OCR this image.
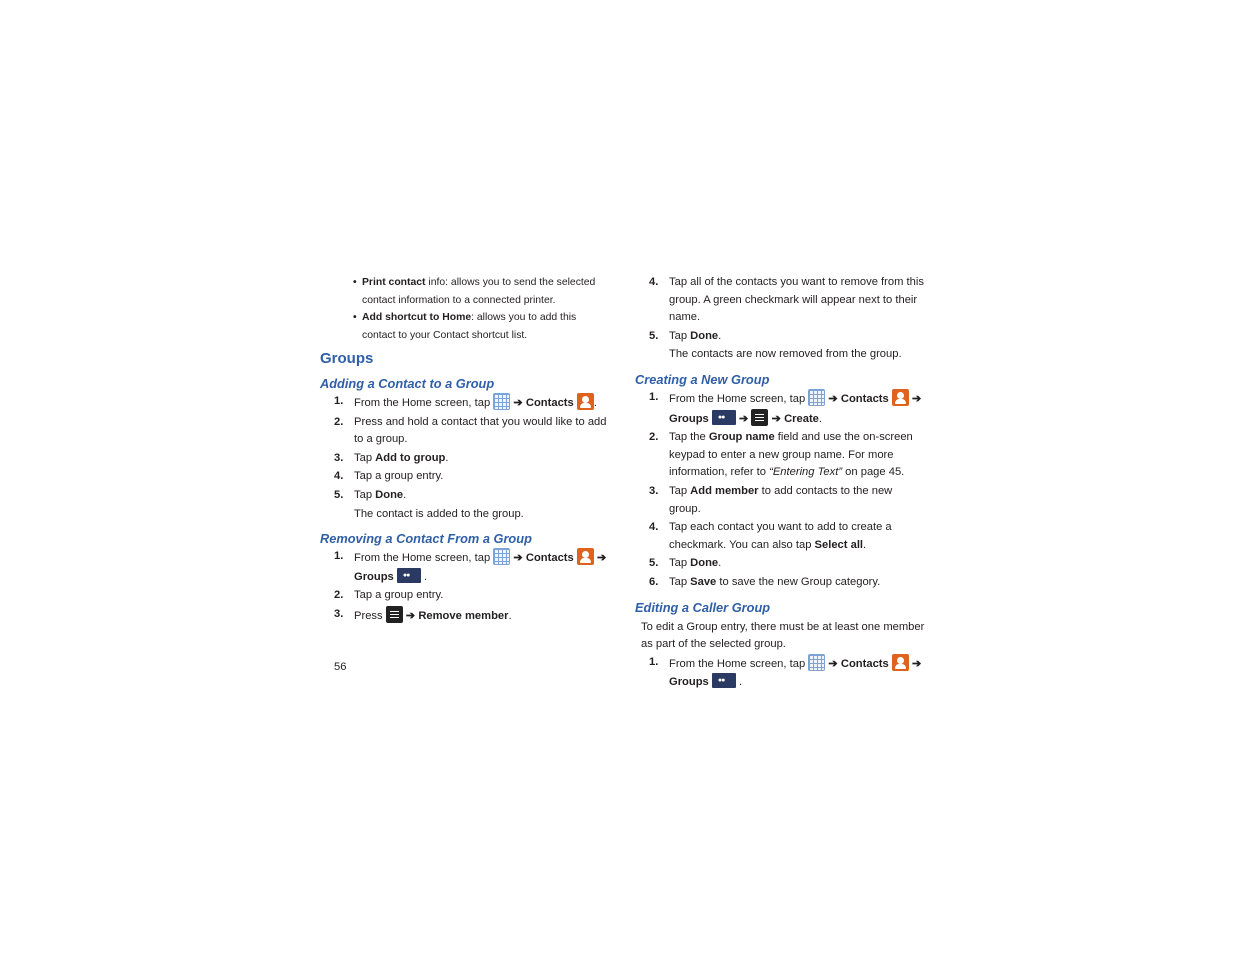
• Print contact info: allows you to send the selected contact information to a connected printer.
• Add shortcut to Home: allows you to add this contact to your Contact shortcut list.
Groups
Adding a Contact to a Group
1. From the Home screen, tap ➔ Contacts .
2. Press and hold a contact that you would like to add to a group.
3. Tap Add to group.
4. Tap a group entry.
5. Tap Done.

The contact is added to the group.

Removing a Contact From a Group
1. From the Home screen, tap ➔ Contacts ➔ Groups ●● .
2. Tap a group entry.
3. Press ➔ Remove member.
4. Tap all of the contacts you want to remove from this group. A green checkmark will appear next to their name.
5. Tap Done.

The contacts are now removed from the group.

Creating a New Group
1. From the Home screen, tap ➔ Contacts ➔ Groups ●●	➔ ➔ Create.
2. Tap the Group name field and use the on-screen keypad to enter a new group name. For more information, refer to “Entering Text” on page 45.
3. Tap Add member to add contacts to the new group.
4. Tap each contact you want to add to create a checkmark. You can also tap Select all.
5. Tap Done.
6. Tap Save to save the new Group category.
Editing a Caller Group

To edit a Group entry, there must be at least one member as part of the selected group.

1. From the Home screen, tap ➔ Contacts ➔ Groups ●● .
56
